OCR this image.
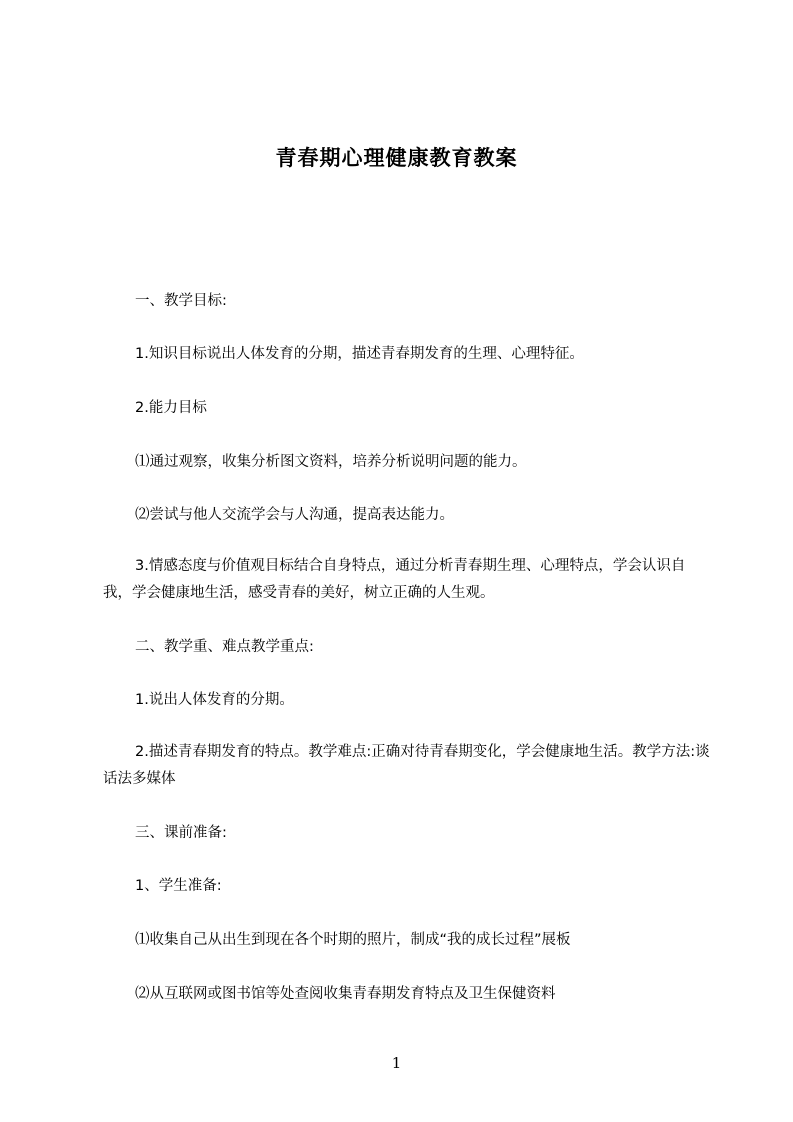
青春期心理健康教育教案

一、教学目标:

1.知识目标说出人体发育的分期，描述青春期发育的生理、心理特征。

2.能力目标

⑴通过观察，收集分析图文资料，培养分析说明问题的能力。

⑵尝试与他人交流学会与人沟通，提高表达能力。

3.情感态度与价值观目标结合自身特点，通过分析青春期生理、心理特点，学会认识自我，学会健康地生活，感受青春的美好，树立正确的人生观。

二、教学重、难点教学重点:

1.说出人体发育的分期。

2.描述青春期发育的特点。教学难点:正确对待青春期变化，学会健康地生活。教学方法:谈话法多媒体

三、课前准备:

1、学生准备:

⑴收集自己从出生到现在各个时期的照片，制成“我的成长过程”展板

⑵从互联网或图书馆等处查阅收集青春期发育特点及卫生保健资料

1
